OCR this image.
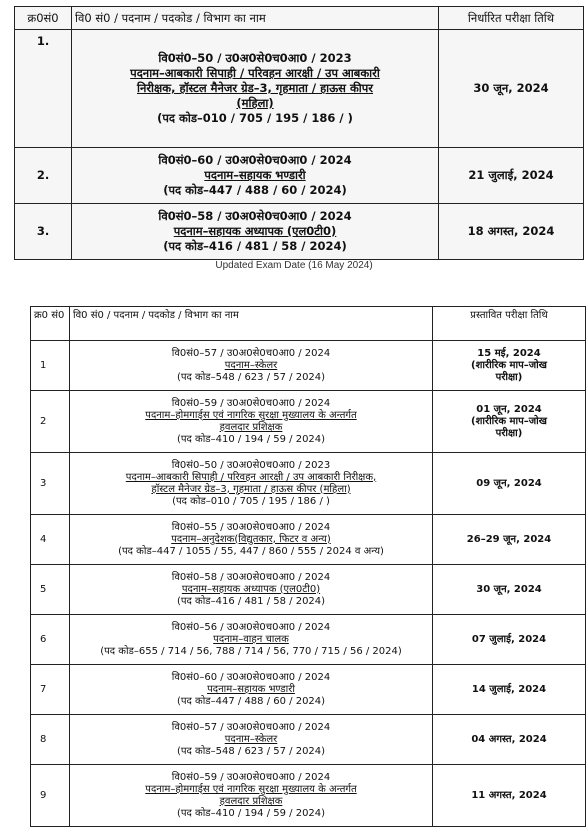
क्र0सं0	वि0 सं0 / पदनाम / पदकोड / विभाग का नाम	निर्धारित परीक्षा तिथि
1.	वि0सं0–50 / उ0अ0से0च0आ0 / 2023
पदनाम–आबकारी सिपाही / परिवहन आरक्षी / उप आबकारी
निरीक्षक, हॉस्टल मैनेजर ग्रेड–3, गृहमाता / हाऊस कीपर
(महिला)
(पद कोड–010 / 705 / 195 / 186 / )	30 जून, 2024
2.	वि0सं0–60 / उ0अ0से0च0आ0 / 2024
पदनाम–सहायक भण्डारी
(पद कोड–447 / 488 / 60 / 2024)	21 जुलाई, 2024
3.	वि0सं0–58 / उ0अ0से0च0आ0 / 2024
पदनाम–सहायक अध्यापक (एल0टी0)
(पद कोड–416 / 481 / 58 / 2024)	18 अगस्त, 2024
Updated Exam Date (16 May 2024)
क्र0 सं0	वि0 सं0 / पदनाम / पदकोड / विभाग का नाम	प्रस्तावित परीक्षा तिथि
1	वि0सं0–57 / उ0अ0से0च0आ0 / 2024
पदनाम–स्केलर
(पद कोड–548 / 623 / 57 / 2024)	15 मई, 2024
(शारीरिक माप–जोख
परीक्षा)

2	वि0सं0–59 / उ0अ0से0च0आ0 / 2024
पदनाम–होमगार्ड्स एवं नागरिक सुरक्षा मुख्यालय के अन्तर्गत
हवलदार प्रशिक्षक
(पद कोड–410 / 194 / 59 / 2024)	01 जून, 2024
(शारीरिक माप–जोख
परीक्षा)

3	वि0सं0–50 / उ0अ0से0च0आ0 / 2023
पदनाम–आबकारी सिपाही / परिवहन आरक्षी / उप आबकारी निरीक्षक,
हॉस्टल मैनेजर ग्रेड–3, गृहमाता / हाऊस कीपर (महिला)
(पद कोड–010 / 705 / 195 / 186 / )	09 जून, 2024

4	वि0सं0–55 / उ0अ0से0च0आ0 / 2024
पदनाम–अनुदेशक(विद्युतकार, फिटर व अन्य)
(पद कोड–447 / 1055 / 55, 447 / 860 / 555 / 2024 व अन्य)	26–29 जून, 2024

5	वि0सं0–58 / उ0अ0से0च0आ0 / 2024
पदनाम–सहायक अध्यापक (एल0टी0)
(पद कोड–416 / 481 / 58 / 2024)	30 जून, 2024

6	वि0सं0–56 / उ0अ0से0च0आ0 / 2024
पदनाम–वाहन चालक
(पद कोड–655 / 714 / 56, 788 / 714 / 56, 770 / 715 / 56 / 2024)	07 जुलाई, 2024

7	वि0सं0–60 / उ0अ0से0च0आ0 / 2024
पदनाम–सहायक भण्डारी
(पद कोड–447 / 488 / 60 / 2024)	14 जुलाई, 2024

8	वि0सं0–57 / उ0अ0से0च0आ0 / 2024
पदनाम–स्केलर
(पद कोड–548 / 623 / 57 / 2024)	04 अगस्त, 2024

9	वि0सं0–59 / उ0अ0से0च0आ0 / 2024
पदनाम–होमगार्ड्स एवं नागरिक सुरक्षा मुख्यालय के अन्तर्गत
हवलदार प्रशिक्षक
(पद कोड–410 / 194 / 59 / 2024)	11 अगस्त, 2024
